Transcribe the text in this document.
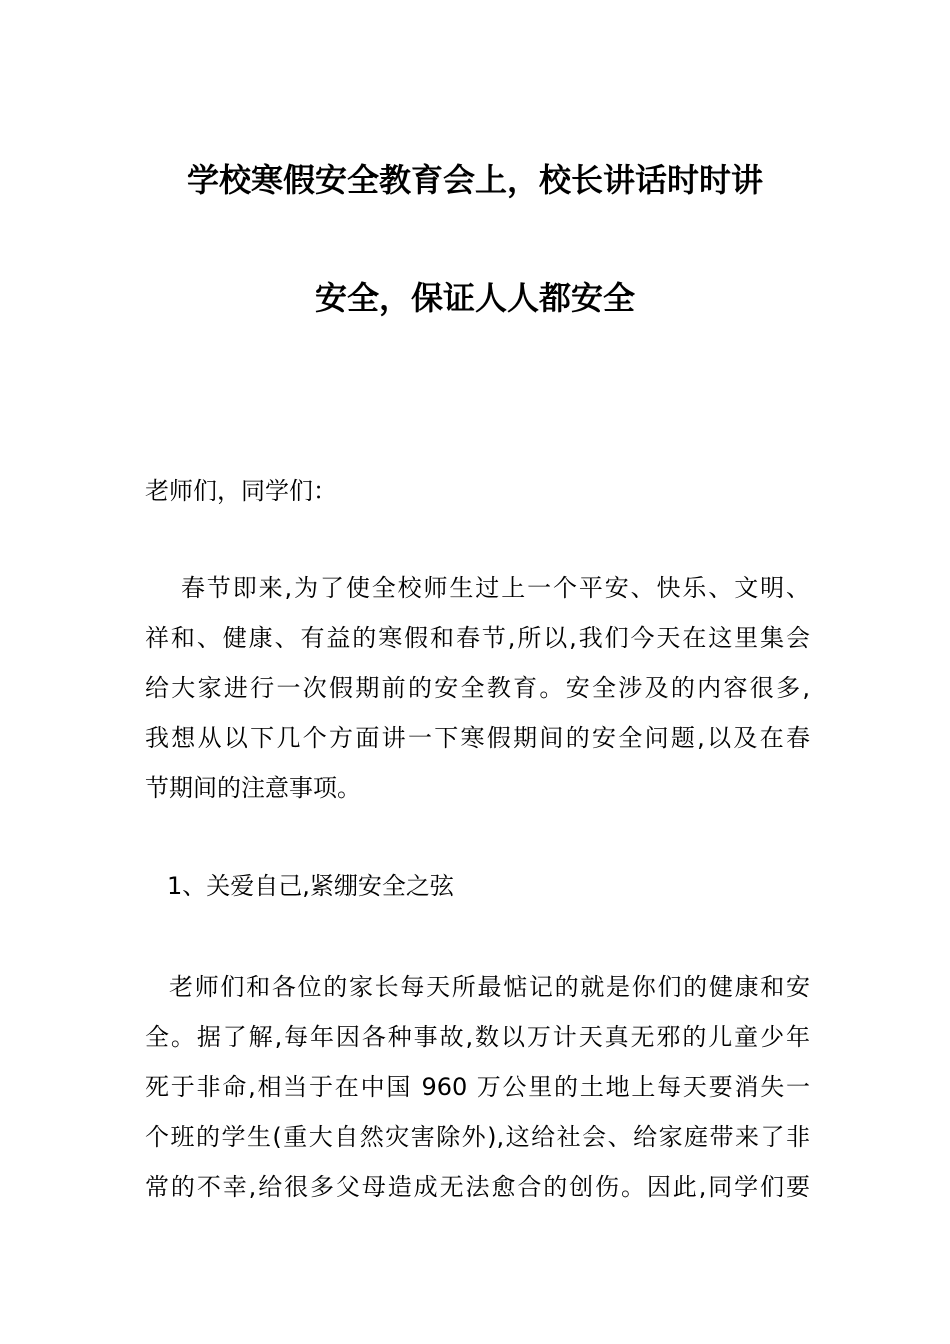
学校寒假安全教育会上，校长讲话时时讲
安全，保证人人都安全
老师们，同学们：
春节即来,为了使全校师生过上一个平安、快乐、文明、
祥和、健康、有益的寒假和春节,所以,我们今天在这里集会
给大家进行一次假期前的安全教育。安全涉及的内容很多,
我想从以下几个方面讲一下寒假期间的安全问题,以及在春
节期间的注意事项。
1、关爱自己,紧绷安全之弦
老师们和各位的家长每天所最惦记的就是你们的健康和安
全。据了解,每年因各种事故,数以万计天真无邪的儿童少年
死于非命,相当于在中国 960 万公里的土地上每天要消失一
个班的学生(重大自然灾害除外),这给社会、给家庭带来了非
常的不幸,给很多父母造成无法愈合的创伤。因此,同学们要
